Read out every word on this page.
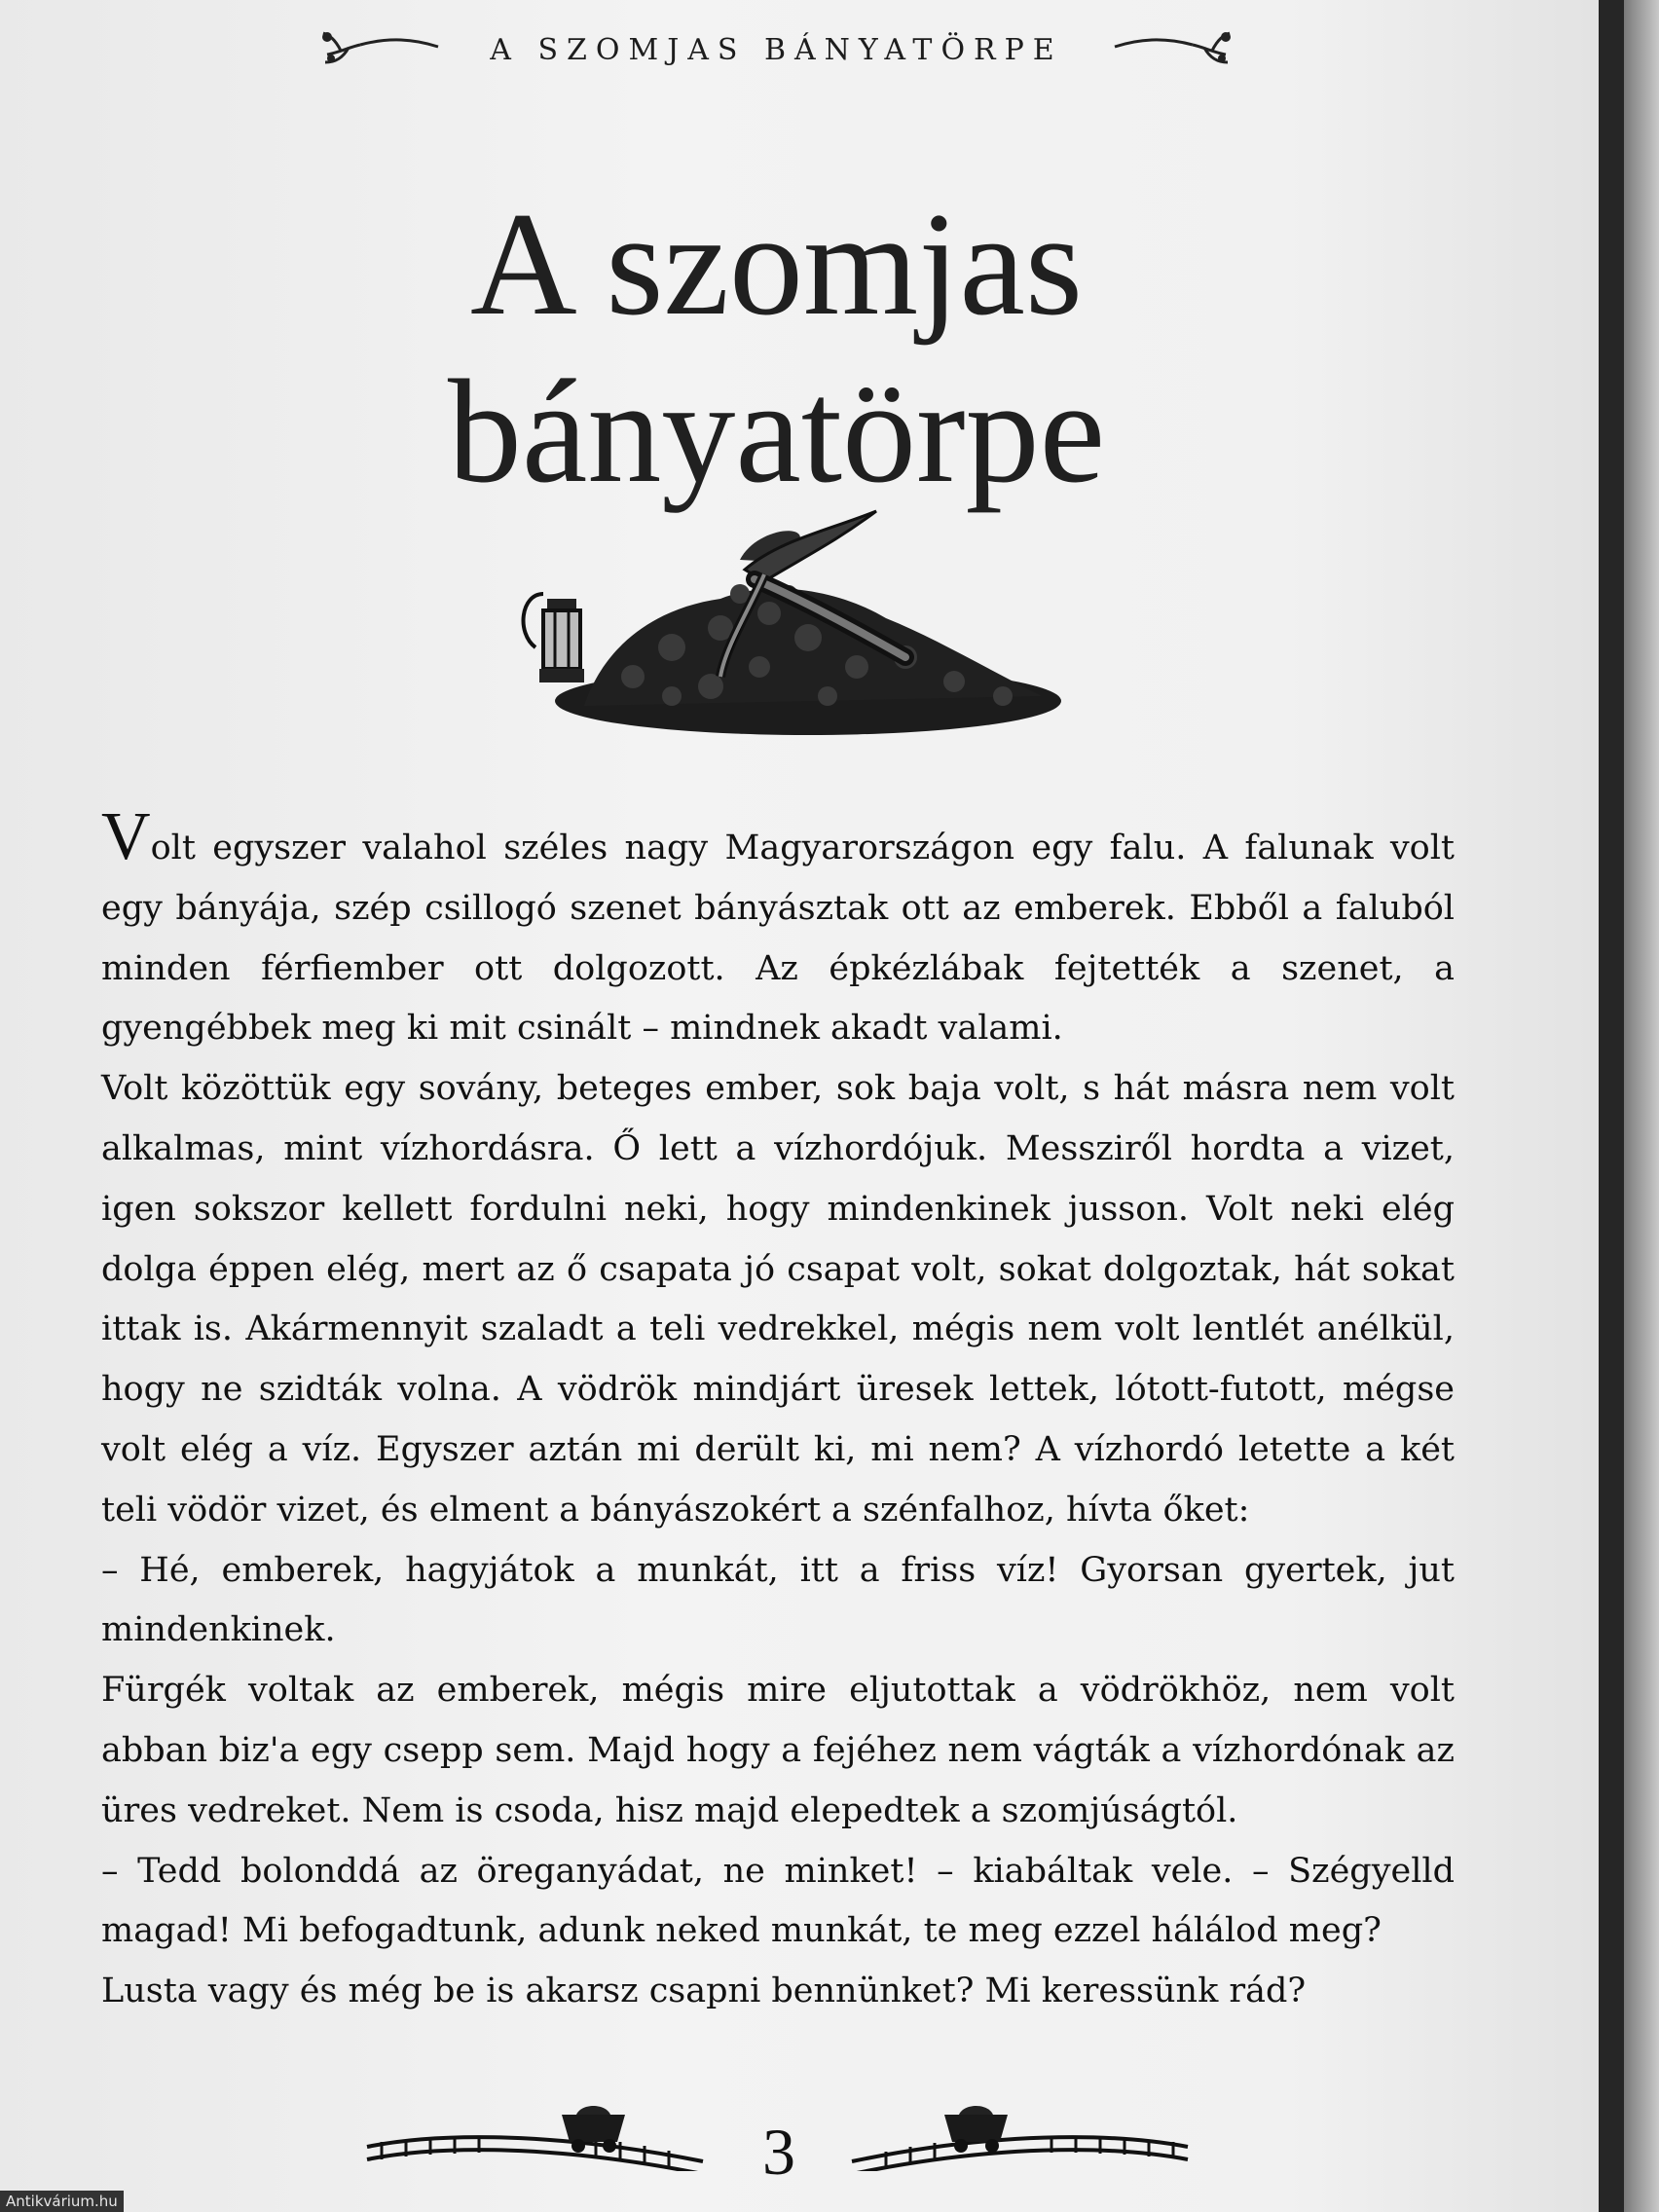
A SZOMJAS BÁNYATÖRPE
A szomjas
bányatörpe

Volt egyszer valahol széles nagy Magyarországon egy falu. A falunak volt egy bányája, szép csillogó szenet bányásztak ott az emberek. Ebből a faluból minden férfiember ott dolgozott. Az épkézlábak fejtették a szenet, a gyengébbek meg ki mit csinált – mindnek akadt valami.

Volt közöttük egy sovány, beteges ember, sok baja volt, s hát másra nem volt alkalmas, mint vízhordásra. Ő lett a vízhordójuk. Messziről hordta a vizet, igen sokszor kellett fordulni neki, hogy mindenkinek jusson. Volt neki elég dolga éppen elég, mert az ő csapata jó csapat volt, sokat dolgoztak, hát sokat ittak is. Akármennyit szaladt a teli vedrekkel, mégis nem volt lentlét anélkül, hogy ne szidták volna. A vödrök mindjárt üresek lettek, lótott-futott, mégse volt elég a víz. Egyszer aztán mi derült ki, mi nem? A vízhordó letette a két teli vödör vizet, és elment a bányászokért a szénfalhoz, hívta őket:

– Hé, emberek, hagyjátok a munkát, itt a friss víz! Gyorsan gyertek, jut mindenkinek.

Fürgék voltak az emberek, mégis mire eljutottak a vödrökhöz, nem volt abban biz'a egy csepp sem. Majd hogy a fejéhez nem vágták a vízhordónak az üres vedreket. Nem is csoda, hisz majd elepedtek a szomjúságtól.

– Tedd bolonddá az öreganyádat, ne minket! – kiabáltak vele. – Szégyelld magad! Mi befogadtunk, adunk neked munkát, te meg ezzel hálálod meg?

Lusta vagy és még be is akarsz csapni bennünket? Mi keressünk rád?

3
Antikvárium.hu
